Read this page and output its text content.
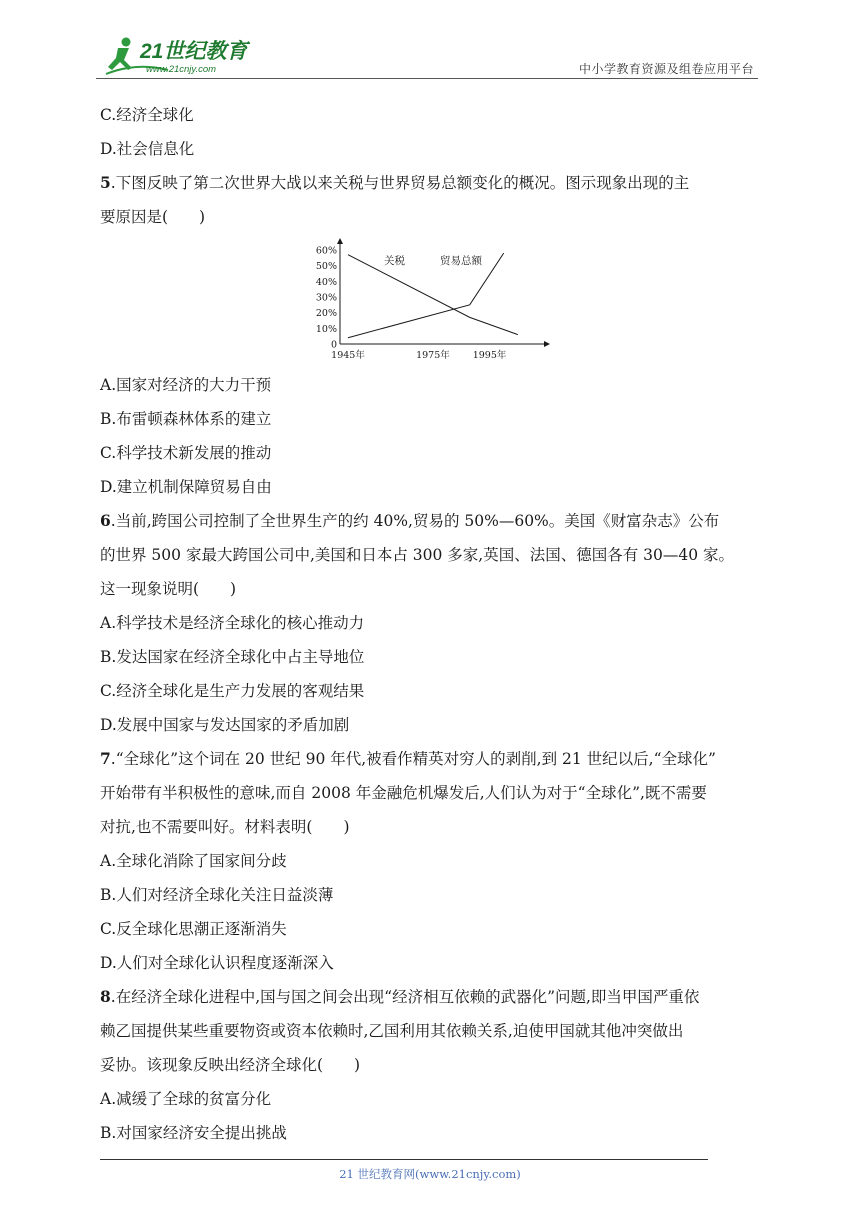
21世纪教育
www.21cnjy.com	中小学教育资源及组卷应用平台
C.经济全球化
D.社会信息化
5.下图反映了第二次世界大战以来关税与世界贸易总额变化的概况。图示现象出现的主
要原因是(　　)
0
10%
20%
30%
40%
50%
60%
1945年	1975年 1995年
关税	贸易总额
A.国家对经济的大力干预
B.布雷顿森林体系的建立
C.科学技术新发展的推动
D.建立机制保障贸易自由
6.当前,跨国公司控制了全世界生产的约 40%,贸易的 50%—60%。美国《财富杂志》公布
的世界 500 家最大跨国公司中,美国和日本占 300 多家,英国、法国、德国各有 30—40 家。
这一现象说明(　　)
A.科学技术是经济全球化的核心推动力
B.发达国家在经济全球化中占主导地位
C.经济全球化是生产力发展的客观结果
D.发展中国家与发达国家的矛盾加剧
7.“全球化”这个词在 20 世纪 90 年代,被看作精英对穷人的剥削,到 21 世纪以后,“全球化”
开始带有半积极性的意味,而自 2008 年金融危机爆发后,人们认为对于“全球化”,既不需要
对抗,也不需要叫好。材料表明(　　)
A.全球化消除了国家间分歧
B.人们对经济全球化关注日益淡薄
C.反全球化思潮正逐渐消失
D.人们对全球化认识程度逐渐深入
8.在经济全球化进程中,国与国之间会出现“经济相互依赖的武器化”问题,即当甲国严重依
赖乙国提供某些重要物资或资本依赖时,乙国利用其依赖关系,迫使甲国就其他冲突做出
妥协。该现象反映出经济全球化(　　)
A.减缓了全球的贫富分化
B.对国家经济安全提出挑战
21 世纪教育网(www.21cnjy.com)
